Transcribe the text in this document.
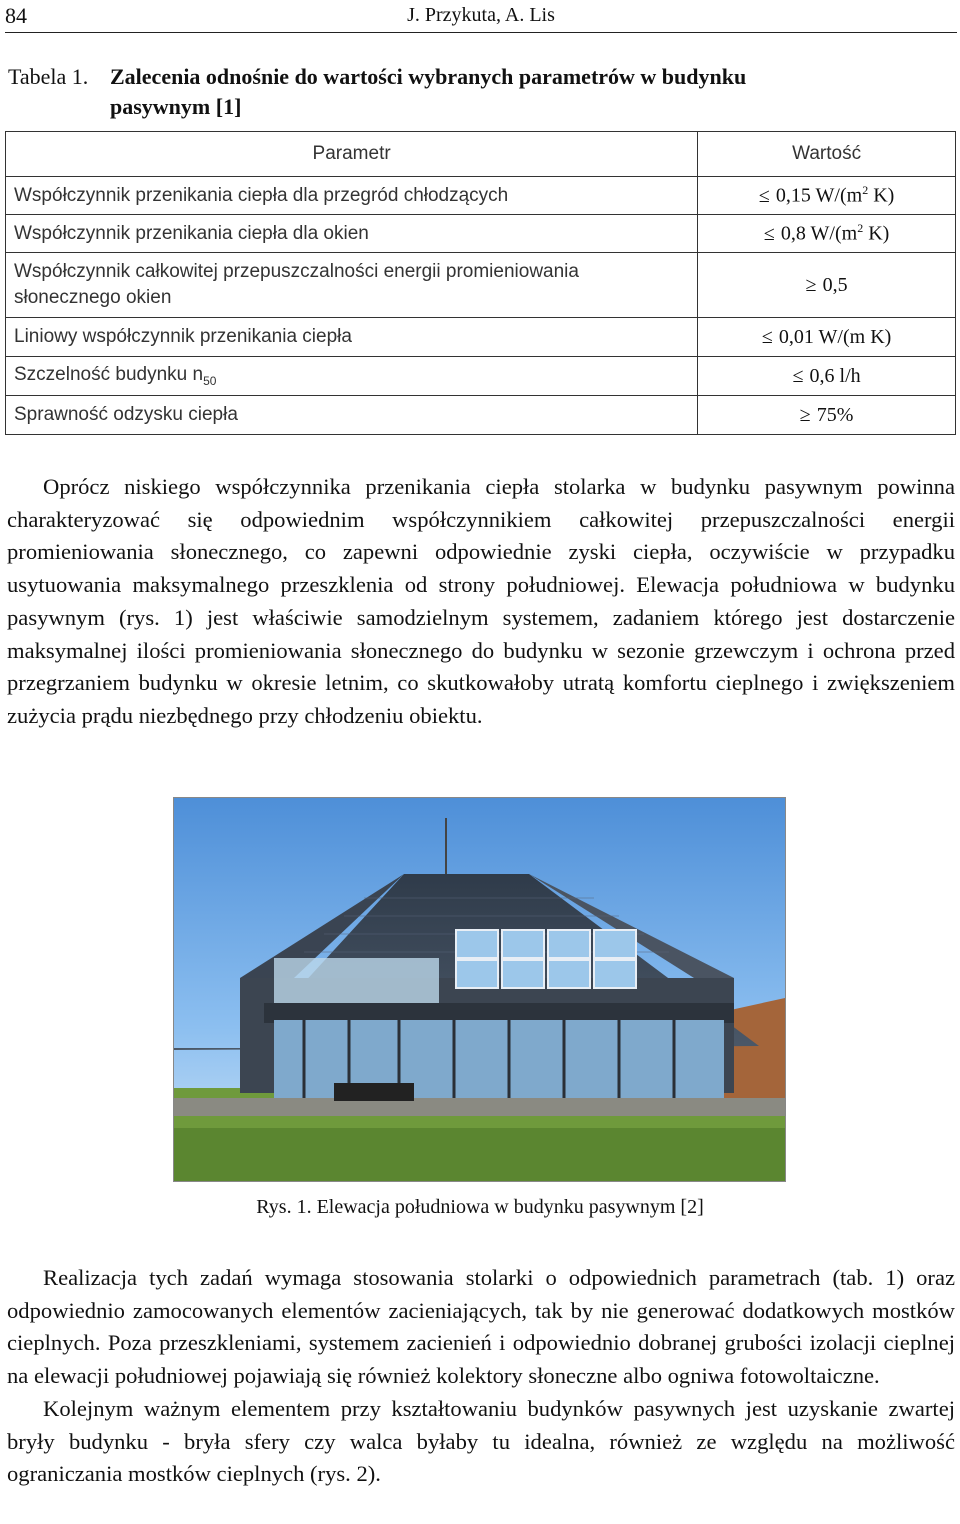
84	J. Przykuta, A. Lis
Tabela 1. Zalecenia odnośnie do wartości wybranych parametrów w budynku
pasywnym [1]
Parametr	Wartość
Współczynnik przenikania ciepła dla przegród chłodzących	≤ 0,15 $W/(m^2$ K)
Współczynnik przenikania ciepła dla okien	≤ 0,8 $W/(m^2$ K)
Współczynnik całkowitej przepuszczalności energii promieniowania słonecznego okien	≥ 0,5
Liniowy współczynnik przenikania ciepła	≤ 0,01 W/(m K)
Szczelność budynku $n_{50}$	≤ 0,6 l/h
Sprawność odzysku ciepła	≥ 75%

Oprócz niskiego współczynnika przenikania ciepła stolarka w budynku pasywnym powinna charakteryzować się odpowiednim współczynnikiem całkowitej przepuszczalności energii promieniowania słonecznego, co zapewni odpowiednie zyski ciepła, oczywiście w przypadku usytuowania maksymalnego przeszklenia od strony południowej. Elewacja południowa w budynku pasywnym (rys. 1) jest właściwie samodzielnym systemem, zadaniem którego jest dostarczenie maksymalnej ilości promieniowania słonecznego do budynku w sezonie grzewczym i ochrona przed przegrzaniem budynku w okresie letnim, co skutkowałoby utratą komfortu cieplnego i zwiększeniem zużycia prądu niezbędnego przy chłodzeniu obiektu.

Rys. 1. Elewacja południowa w budynku pasywnym [2]

Realizacja tych zadań wymaga stosowania stolarki o odpowiednich parametrach (tab. 1) oraz odpowiednio zamocowanych elementów zacieniających, tak by nie generować dodatkowych mostków cieplnych. Poza przeszkleniami, systemem zacienień i odpowiednio dobranej grubości izolacji cieplnej na elewacji południowej pojawiają się również kolektory słoneczne albo ogniwa fotowoltaiczne.

Kolejnym ważnym elementem przy kształtowaniu budynków pasywnych jest uzyskanie zwartej bryły budynku - bryła sfery czy walca byłaby tu idealna, również ze względu na możliwość ograniczania mostków cieplnych (rys. 2).
